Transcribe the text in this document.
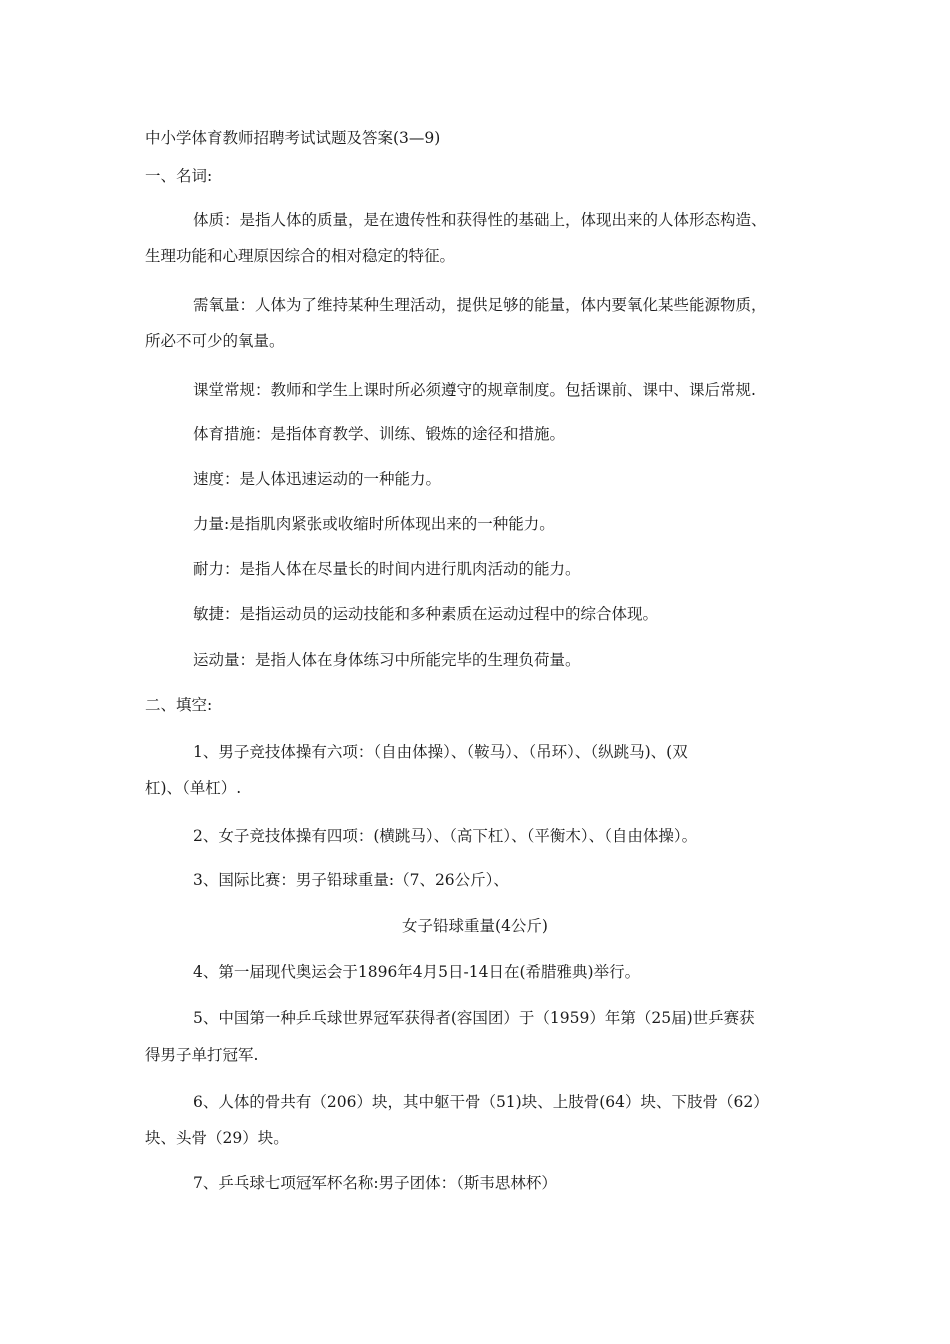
中小学体育教师招聘考试试题及答案(3—9)
一、名词:
体质：是指人体的质量，是在遗传性和获得性的基础上，体现出来的人体形态构造、
生理功能和心理原因综合的相对稳定的特征。
需氧量：人体为了维持某种生理活动，提供足够的能量，体内要氧化某些能源物质，
所必不可少的氧量。
课堂常规：教师和学生上课时所必须遵守的规章制度。包括课前、课中、课后常规.
体育措施：是指体育教学、训练、锻炼的途径和措施。
速度：是人体迅速运动的一种能力。
力量:是指肌肉紧张或收缩时所体现出来的一种能力。
耐力：是指人体在尽量长的时间内进行肌肉活动的能力。
敏捷：是指运动员的运动技能和多种素质在运动过程中的综合体现。
运动量：是指人体在身体练习中所能完毕的生理负荷量。
二、填空:
1、男子竞技体操有六项：（自由体操）、（鞍马）、（吊环）、（纵跳马)、(双
杠)、（单杠）.
2、女子竞技体操有四项：(横跳马）、（高下杠）、（平衡木）、（自由体操）。
3、国际比赛：男子铅球重量:（7、26公斤）、
女子铅球重量(4公斤)
4、第一届现代奥运会于1896年4月5日-14日在(希腊雅典)举行。
5、中国第一种乒乓球世界冠军获得者(容国团）于（1959）年第（25届)世乒赛获
得男子单打冠军.
6、人体的骨共有（206）块，其中躯干骨（51)块、上肢骨(64）块、下肢骨（62）
块、头骨（29）块。
7、乒乓球七项冠军杯名称:男子团体：（斯韦思林杯）
